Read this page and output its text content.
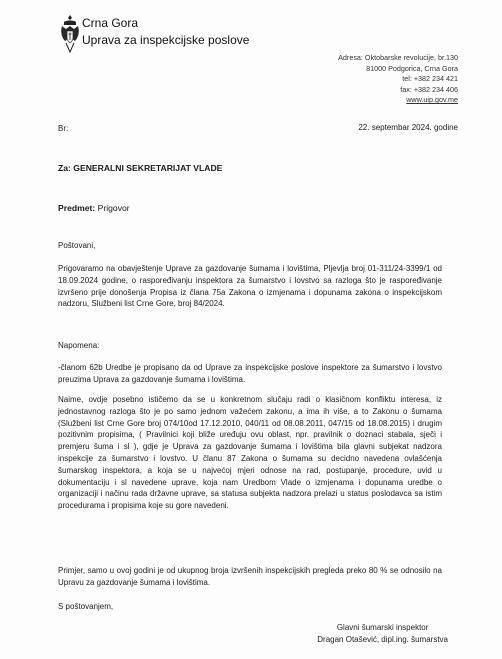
Crna Gora
Uprava za inspekcijske poslove
Adresa: Oktobarske revolucije, br.130
81000 Podgorica, Crna Gora
tel: +382 234 421
fax: +382 234 406
www.uip.gov.me
Br:	22. septembar 2024. godine
Za: GENERALNI SEKRETARIJAT VLADE
Predmet: Prigovor
Poštovani,
Prigovaramo na obavještenje Uprave za gazdovanje šumama i lovištima, Pljevlja broj 01-311/24-3399/1 od 18.09.2024 godine, o raspoređivanju inspektora za šumarstvo i lovstvo sa razloga što je raspoređivanje izvršeno prije donošenja Propisa iz člana 75a Zakona o izmjenama i dopunama zakona o inspekcijskom nadzoru, Službeni list Crne Gore, broj 84/2024.
Napomena:
-članom 62b Uredbe je propisano da od Uprave za inspekcijske poslove inspektore za šumarstvo i lovstvo preuzima Uprava za gazdovanje šumama i lovištima.
Naime, ovdje posebno ističemo da se u konkretnom slučaju radi o klasičnom konfliktu interesa, iz jednostavnog razloga što je po samo jednom važećem zakonu, a ima ih više, a to Zakonu o šumama (Službeni list Crne Gore broj 074/10od 17.12.2010, 040/11 od 08.08.2011, 047/15 od 18.08.2015) i drugim pozitivnim propisima, ( Pravilnici koji bliže uređuju ovu oblast, npr. pravilnik o doznaci stabala, sječi i premjeru šuma i sl ), gdje je Uprava za gazdovanje šumama i lovištima bila glavni subjekat nadzora inspekcije za šumarstvo i lovstvo. U članu 87 Zakona o šumama su decidno navedena ovlašćenja šumarskog inspektora, a koja se u najvećoj mjeri odnose na rad, postupanje, procedure, uvid u dokumentaciju i sl navedene uprave, koja nam Uredbom Vlade o izmjenama i dopunama uredbe o organizaciji i načinu rada državne uprave, sa statusa subjekta nadzora prelazi u status poslodavca sa istim procedurama i propisima koje su gore navedeni.
Primjer, samo u ovoj godini je od ukupnog broja izvršenih inspekcijskih pregleda preko 80 % se odnosilo na Upravu za gazdovanje šumama i lovištima.
S poštovanjem,
Glavni šumarski inspektor
Dragan Otašević, dipl.ing. šumarstva
